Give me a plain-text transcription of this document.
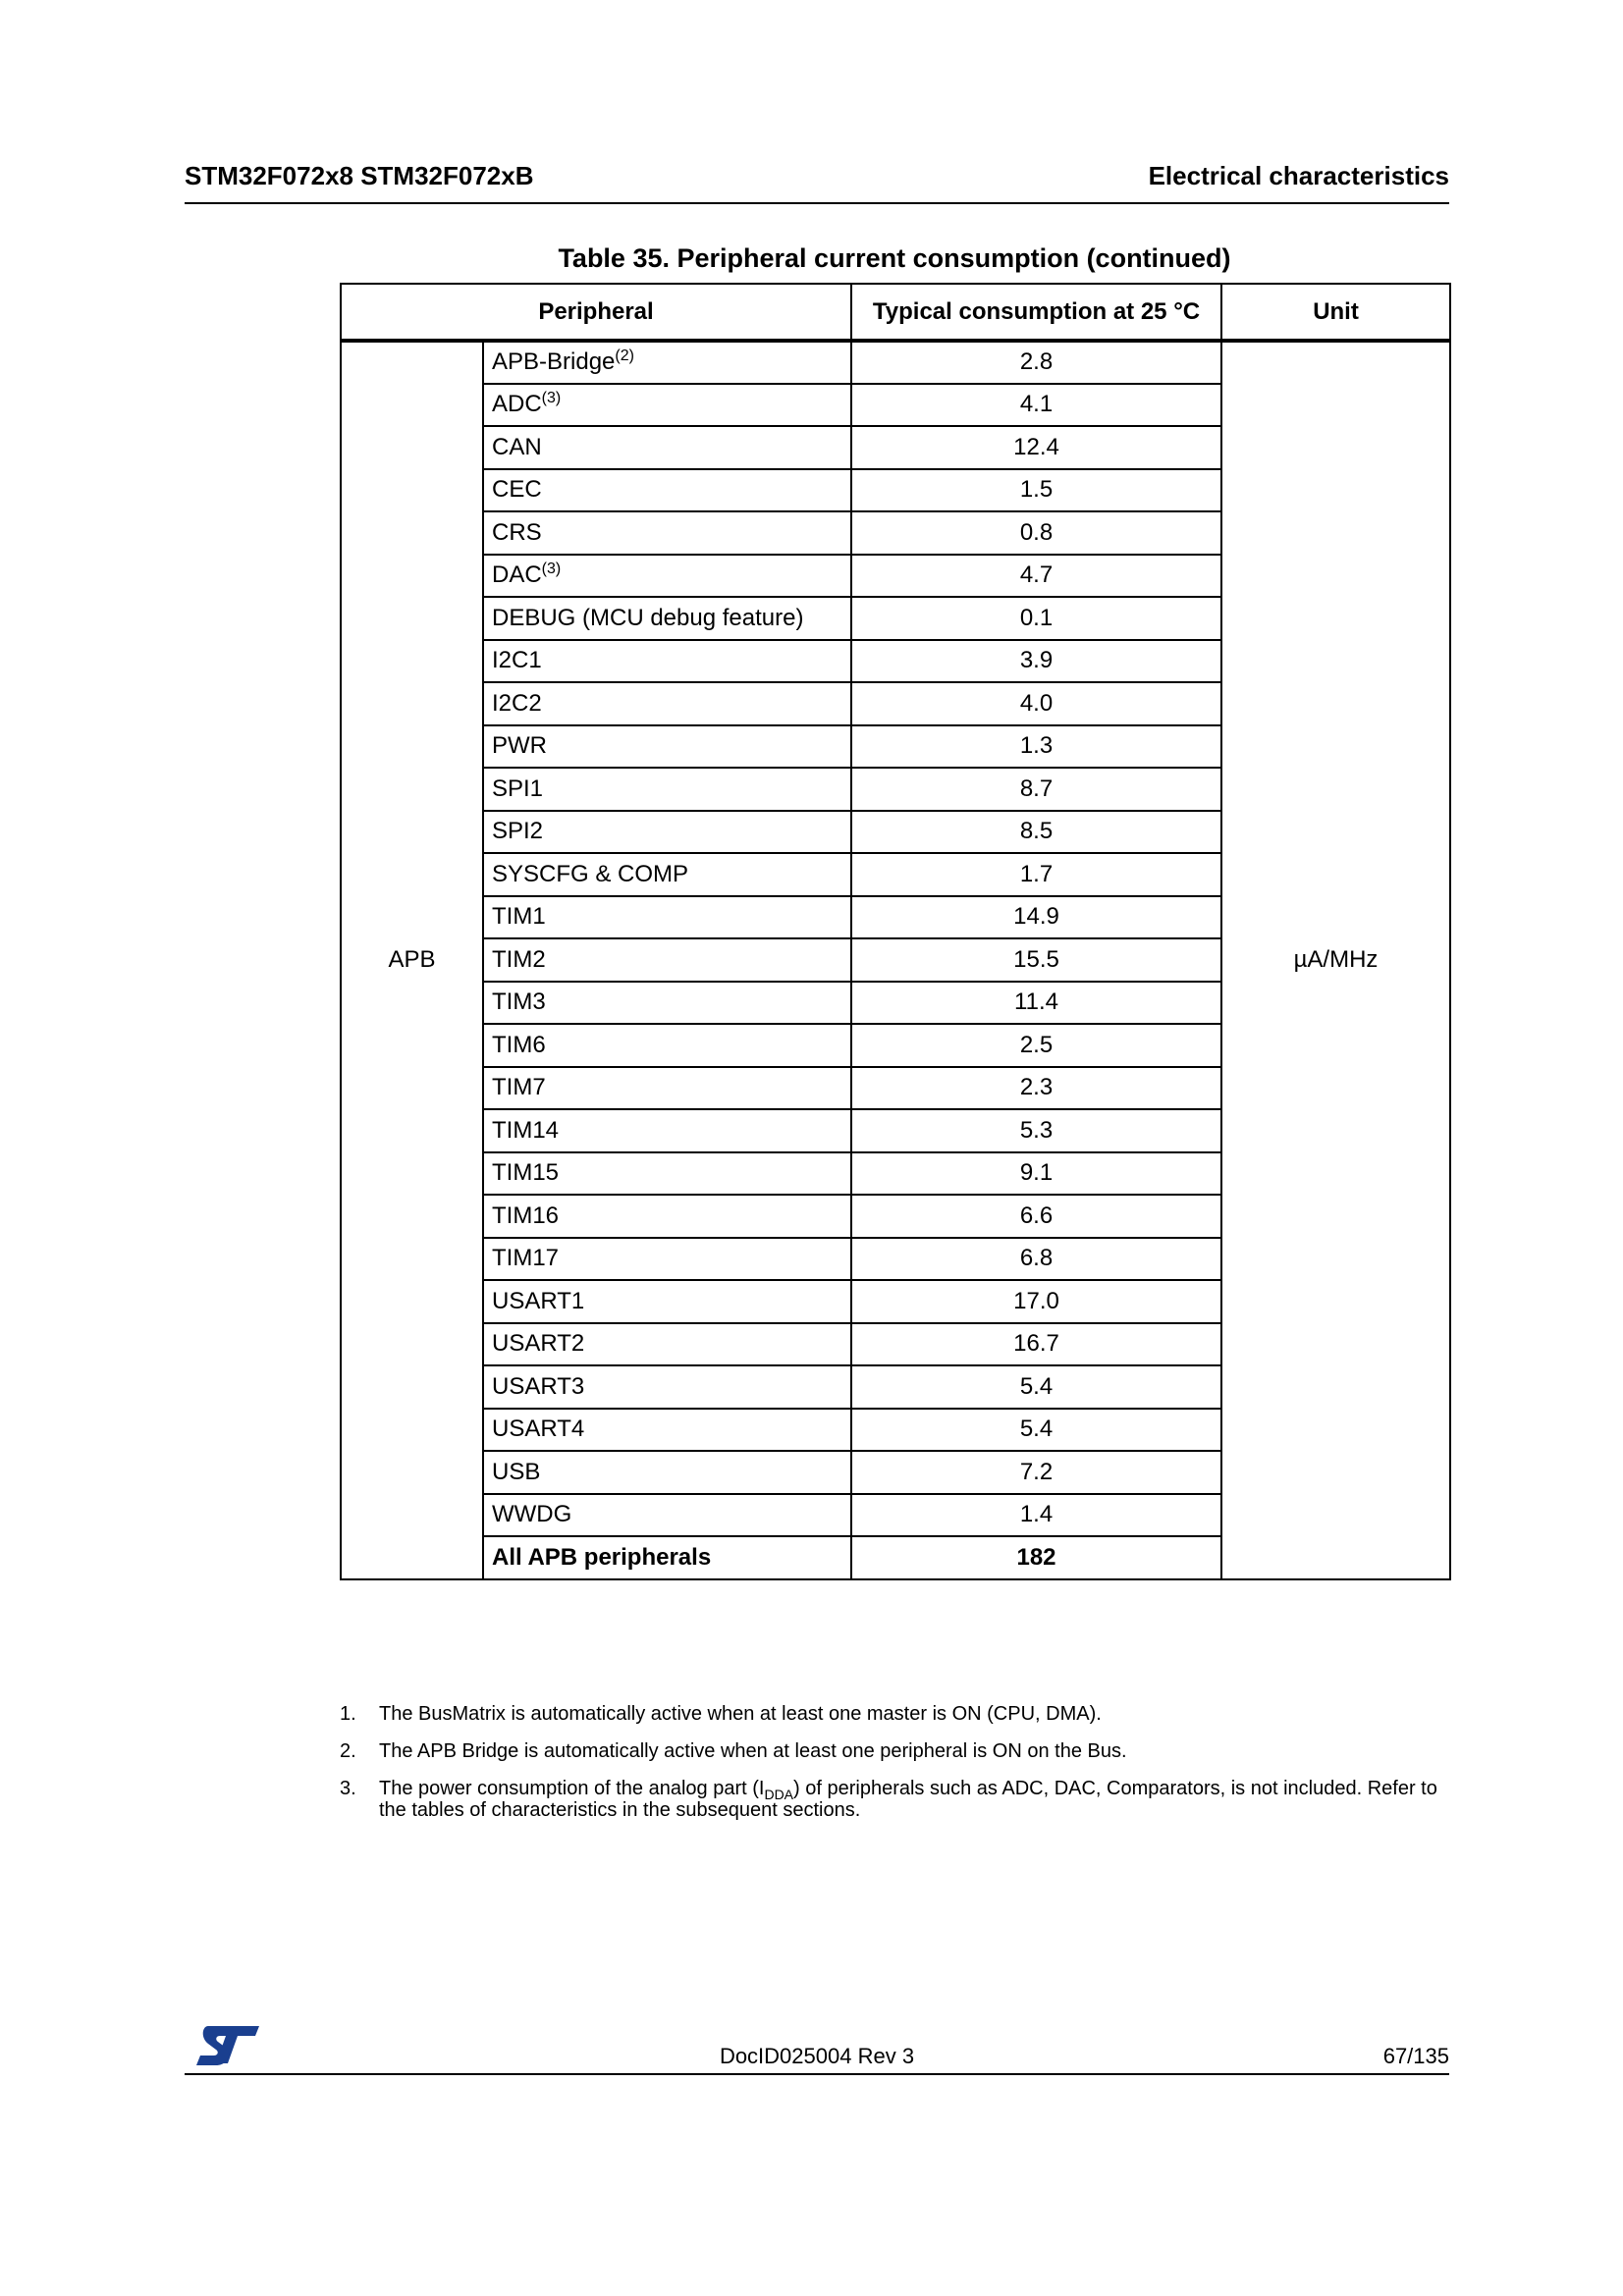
STM32F072x8 STM32F072xB	Electrical characteristics
Table 35. Peripheral current consumption (continued)
Peripheral		Typical consumption at 25 °C	Unit
APB	APB-Bridge$^{(2)}$	2.8	µA/MHz
	ADC$^{(3)}$	4.1	
	CAN	12.4	
	CEC	1.5	
	CRS	0.8	
	DAC$^{(3)}$	4.7	
	DEBUG (MCU debug feature)	0.1	
	I2C1	3.9	
	I2C2	4.0	
	PWR	1.3	
	SPI1	8.7	
	SPI2	8.5	
	SYSCFG & COMP	1.7	
	TIM1	14.9	
	TIM2	15.5	
	TIM3	11.4	
	TIM6	2.5	
	TIM7	2.3	
	TIM14	5.3	
	TIM15	9.1	
	TIM16	6.6	
	TIM17	6.8	
	USART1	17.0	
	USART2	16.7	
	USART3	5.4	
	USART4	5.4	
	USB	7.2	
	WWDG	1.4	
	All APB peripherals	182	
1. The BusMatrix is automatically active when at least one master is ON (CPU, DMA).
2. The APB Bridge is automatically active when at least one peripheral is ON on the Bus.
3. The power consumption of the analog part $(I_{DDA})$ of peripherals such as ADC, DAC, Comparators, is not included. Refer to the tables of characteristics in the subsequent sections.
DocID025004 Rev 3	67/135
